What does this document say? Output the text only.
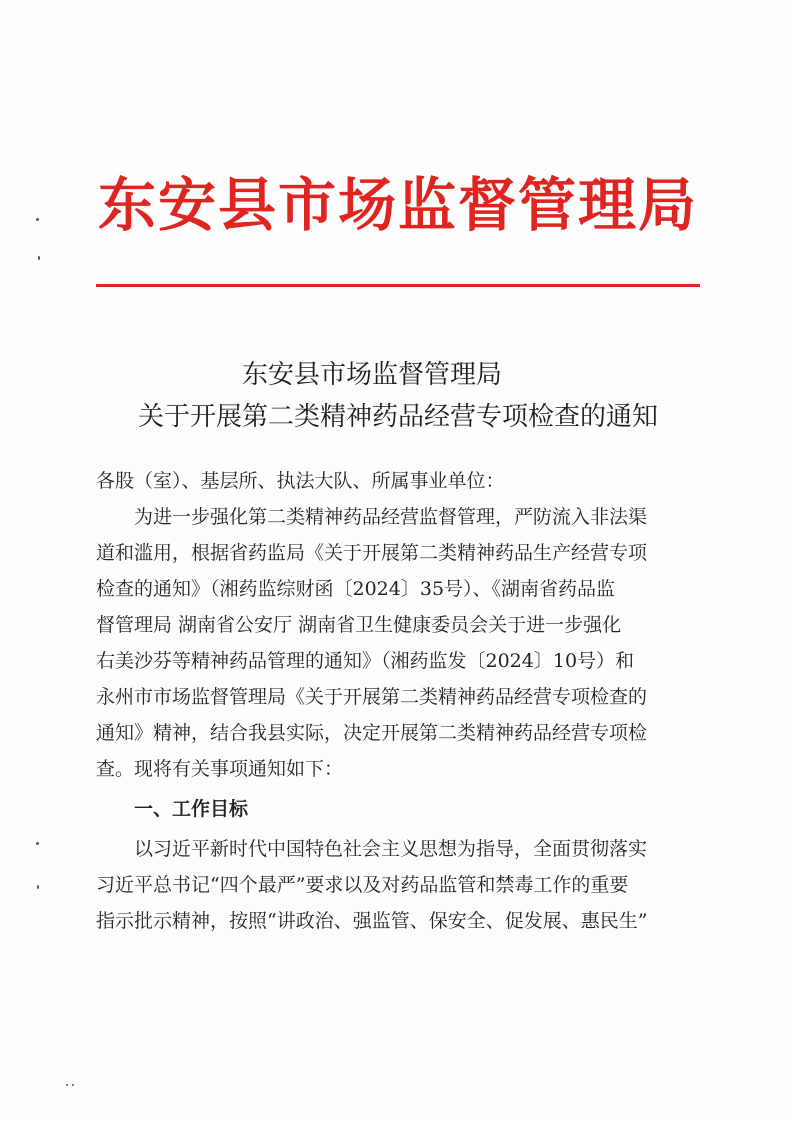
东安县市场监督管理局
东安县市场监督管理局
关于开展第二类精神药品经营专项检查的通知
各股（室）、基层所、执法大队、所属事业单位：
为进一步强化第二类精神药品经营监督管理，严防流入非法渠
道和滥用，根据省药监局《关于开展第二类精神药品生产经营专项
检查的通知》（湘药监综财函〔2024〕35号）、《湖南省药品监
督管理局 湖南省公安厅 湖南省卫生健康委员会关于进一步强化
右美沙芬等精神药品管理的通知》（湘药监发〔2024〕10号）和
永州市市场监督管理局《关于开展第二类精神药品经营专项检查的
通知》精神，结合我县实际，决定开展第二类精神药品经营专项检
查。现将有关事项通知如下：
一、工作目标
以习近平新时代中国特色社会主义思想为指导，全面贯彻落实
习近平总书记“四个最严”要求以及对药品监管和禁毒工作的重要
指示批示精神，按照“讲政治、强监管、保安全、促发展、惠民生”
